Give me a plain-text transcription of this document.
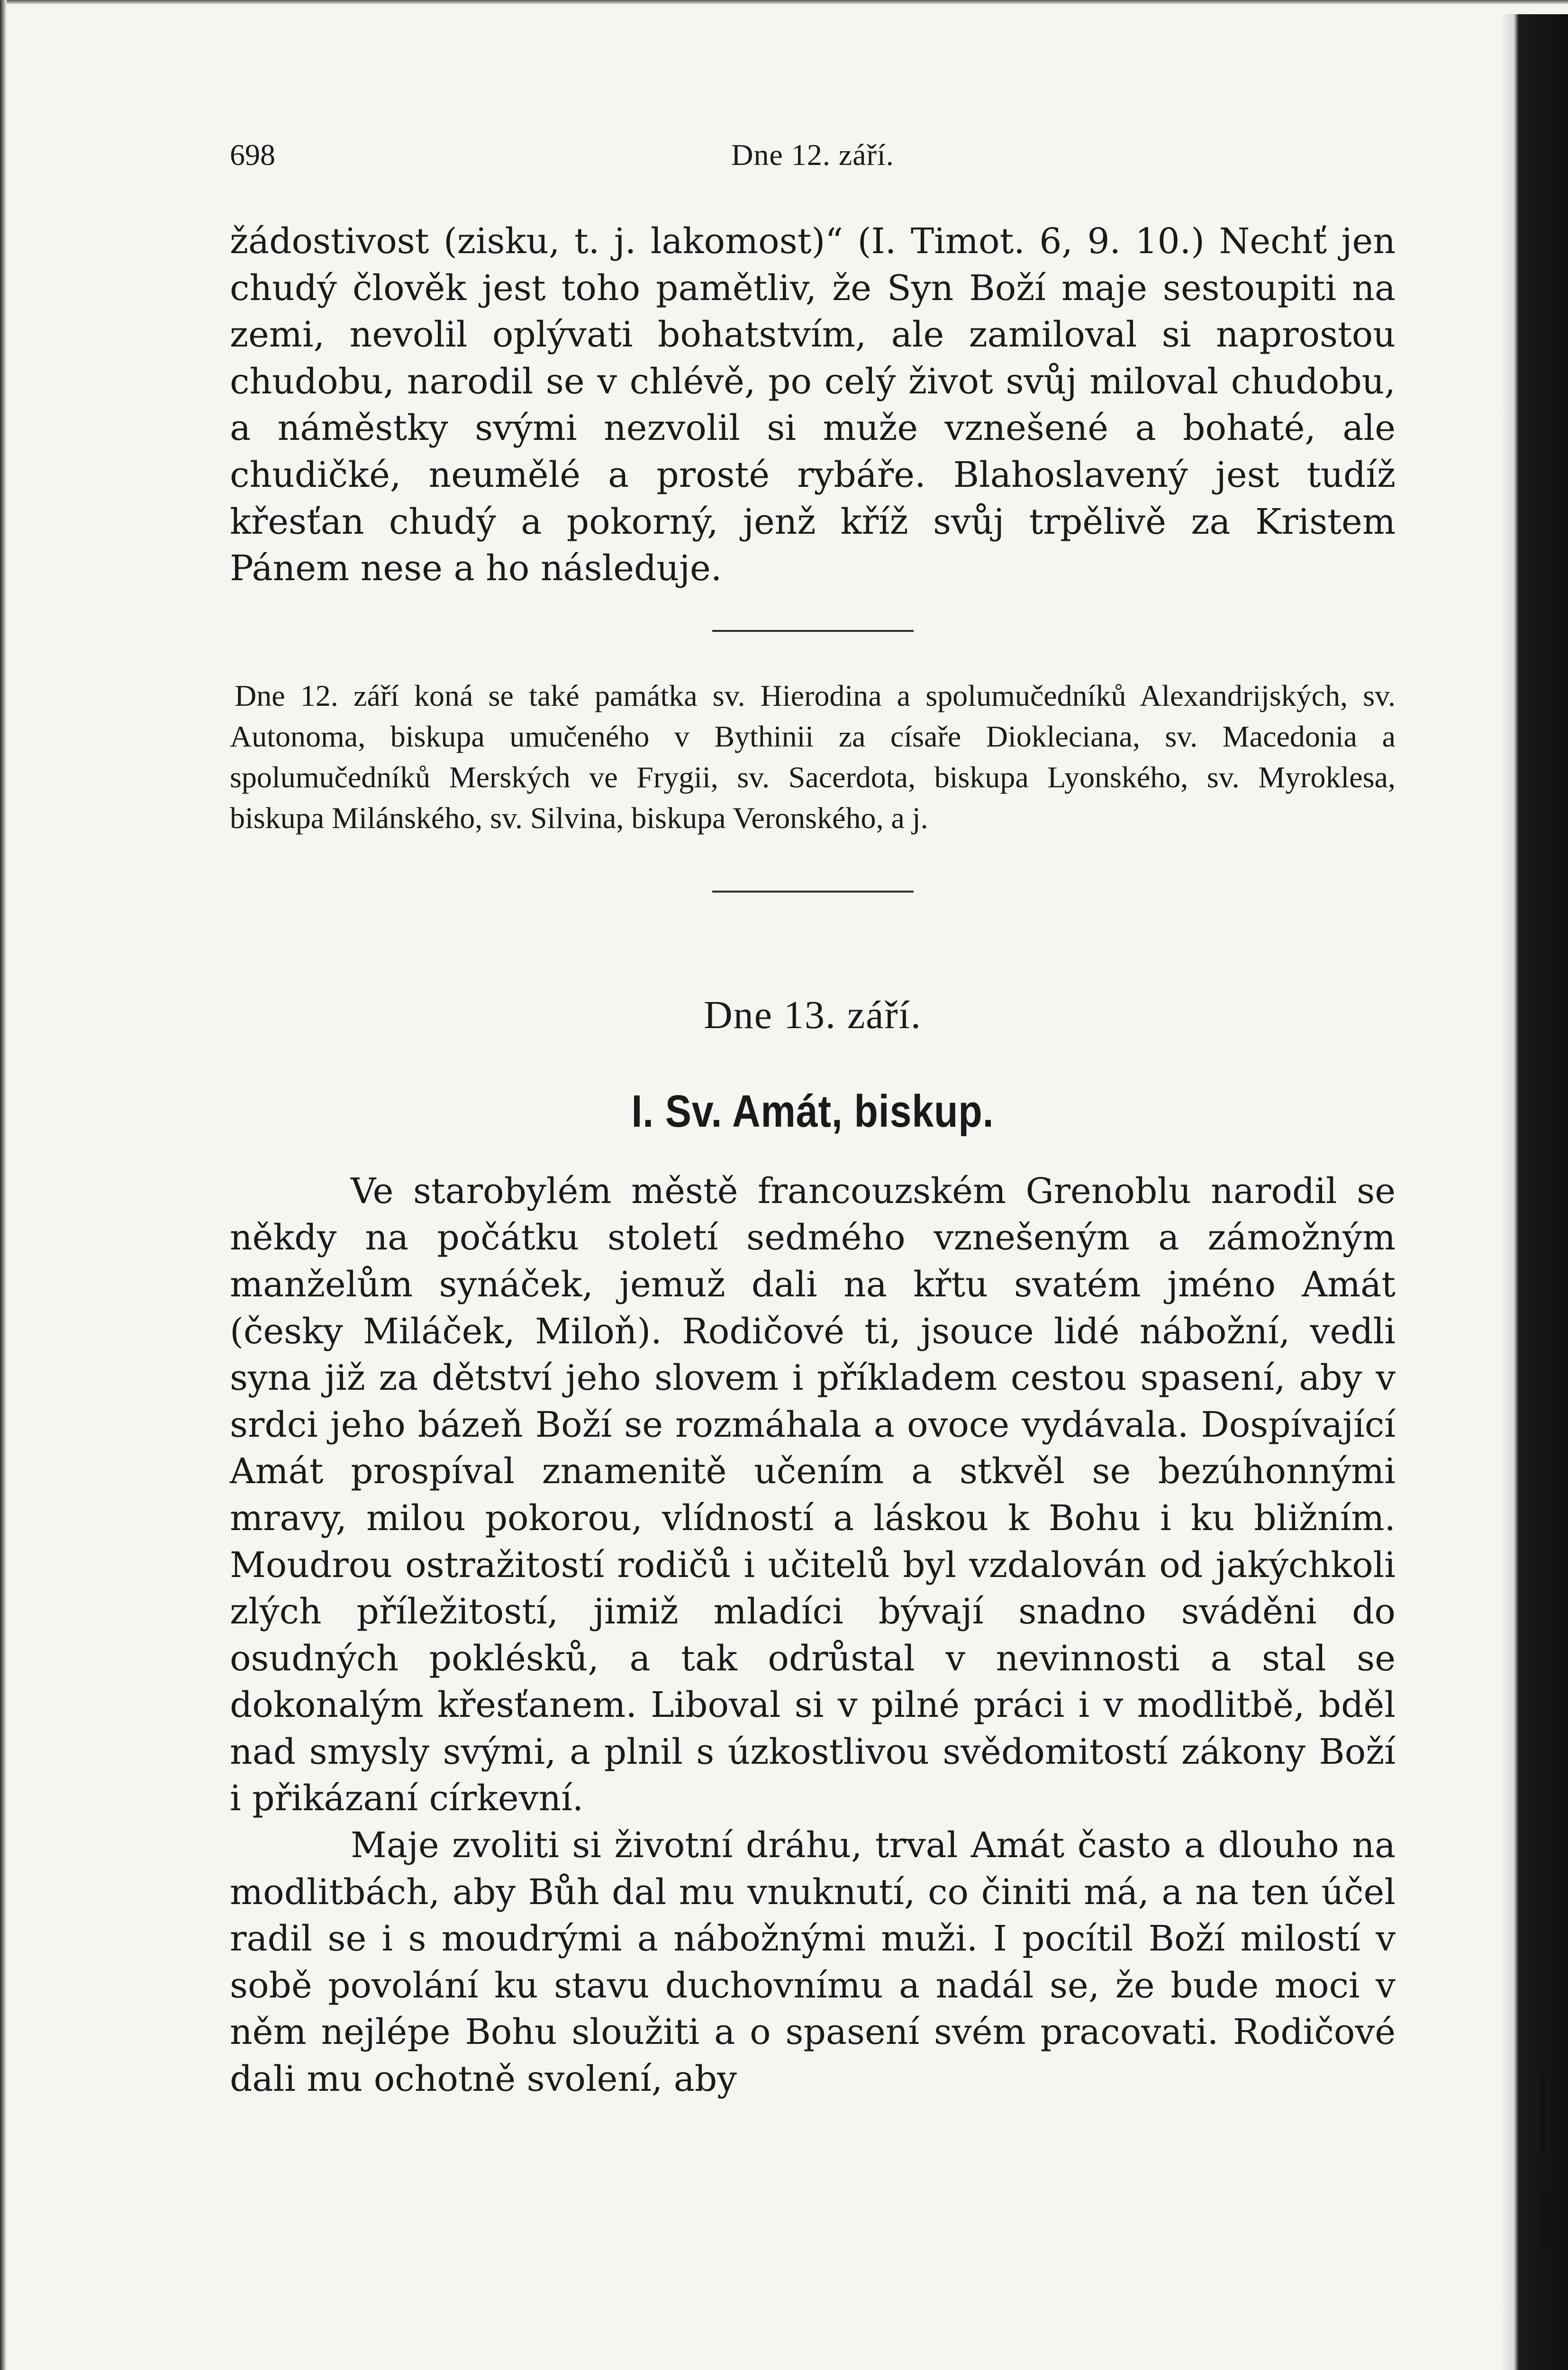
698	Dne 12. září.

žádostivost (zisku, t. j. lakomost)“ (I. Timot. 6, 9. 10.) Nechť jen chudý člověk jest toho pamětliv, že Syn Boží maje sestoupiti na zemi, nevolil oplývati bohatstvím, ale zamiloval si naprostou chudobu, narodil se v chlévě, po celý život svůj miloval chudobu, a náměstky svými nezvolil si muže vznešené a bohaté, ale chudičké, neumělé a prosté rybáře. Blahoslavený jest tudíž křesťan chudý a pokorný, jenž kříž svůj trpělivě za Kristem Pánem nese a ho následuje.

Dne 12. září koná se také památka sv. Hierodina a spolumučedníků Alexandrijských, sv. Autonoma, biskupa umučeného v Bythinii za císaře Diokleciana, sv. Macedonia a spolumučedníků Merských ve Frygii, sv. Sacerdota, biskupa Lyonského, sv. Myroklesa, biskupa Milánského, sv. Silvina, biskupa Veronského, a j.

Dne 13. září.
I. Sv. Amát, biskup.

Ve starobylém městě francouzském Grenoblu narodil se někdy na počátku století sedmého vznešeným a zámožným manželům synáček, jemuž dali na křtu svatém jméno Amát (česky Miláček, Miloň). Rodičové ti, jsouce lidé nábožní, vedli syna již za dětství jeho slovem i příkladem cestou spasení, aby v srdci jeho bázeň Boží se rozmáhala a ovoce vydávala. Dospívající Amát prospíval znamenitě učením a stkvěl se bezúhonnými mravy, milou pokorou, vlídností a láskou k Bohu i ku bližním. Moudrou ostražitostí rodičů i učitelů byl vzdalován od jakýchkoli zlých příležitostí, jimiž mladíci bývají snadno sváděni do osudných poklésků, a tak odrůstal v nevinnosti a stal se dokonalým křesťanem. Liboval si v pilné práci i v modlitbě, bděl nad smysly svými, a plnil s úzkostlivou svědomitostí zákony Boží i přikázaní církevní.

Maje zvoliti si životní dráhu, trval Amát často a dlouho na modlitbách, aby Bůh dal mu vnuknutí, co činiti má, a na ten účel radil se i s moudrými a nábožnými muži. I pocítil Boží milostí v sobě povolání ku stavu duchovnímu a nadál se, že bude moci v něm nejlépe Bohu sloužiti a o spasení svém pracovati. Rodičové dali mu ochotně svolení, aby
